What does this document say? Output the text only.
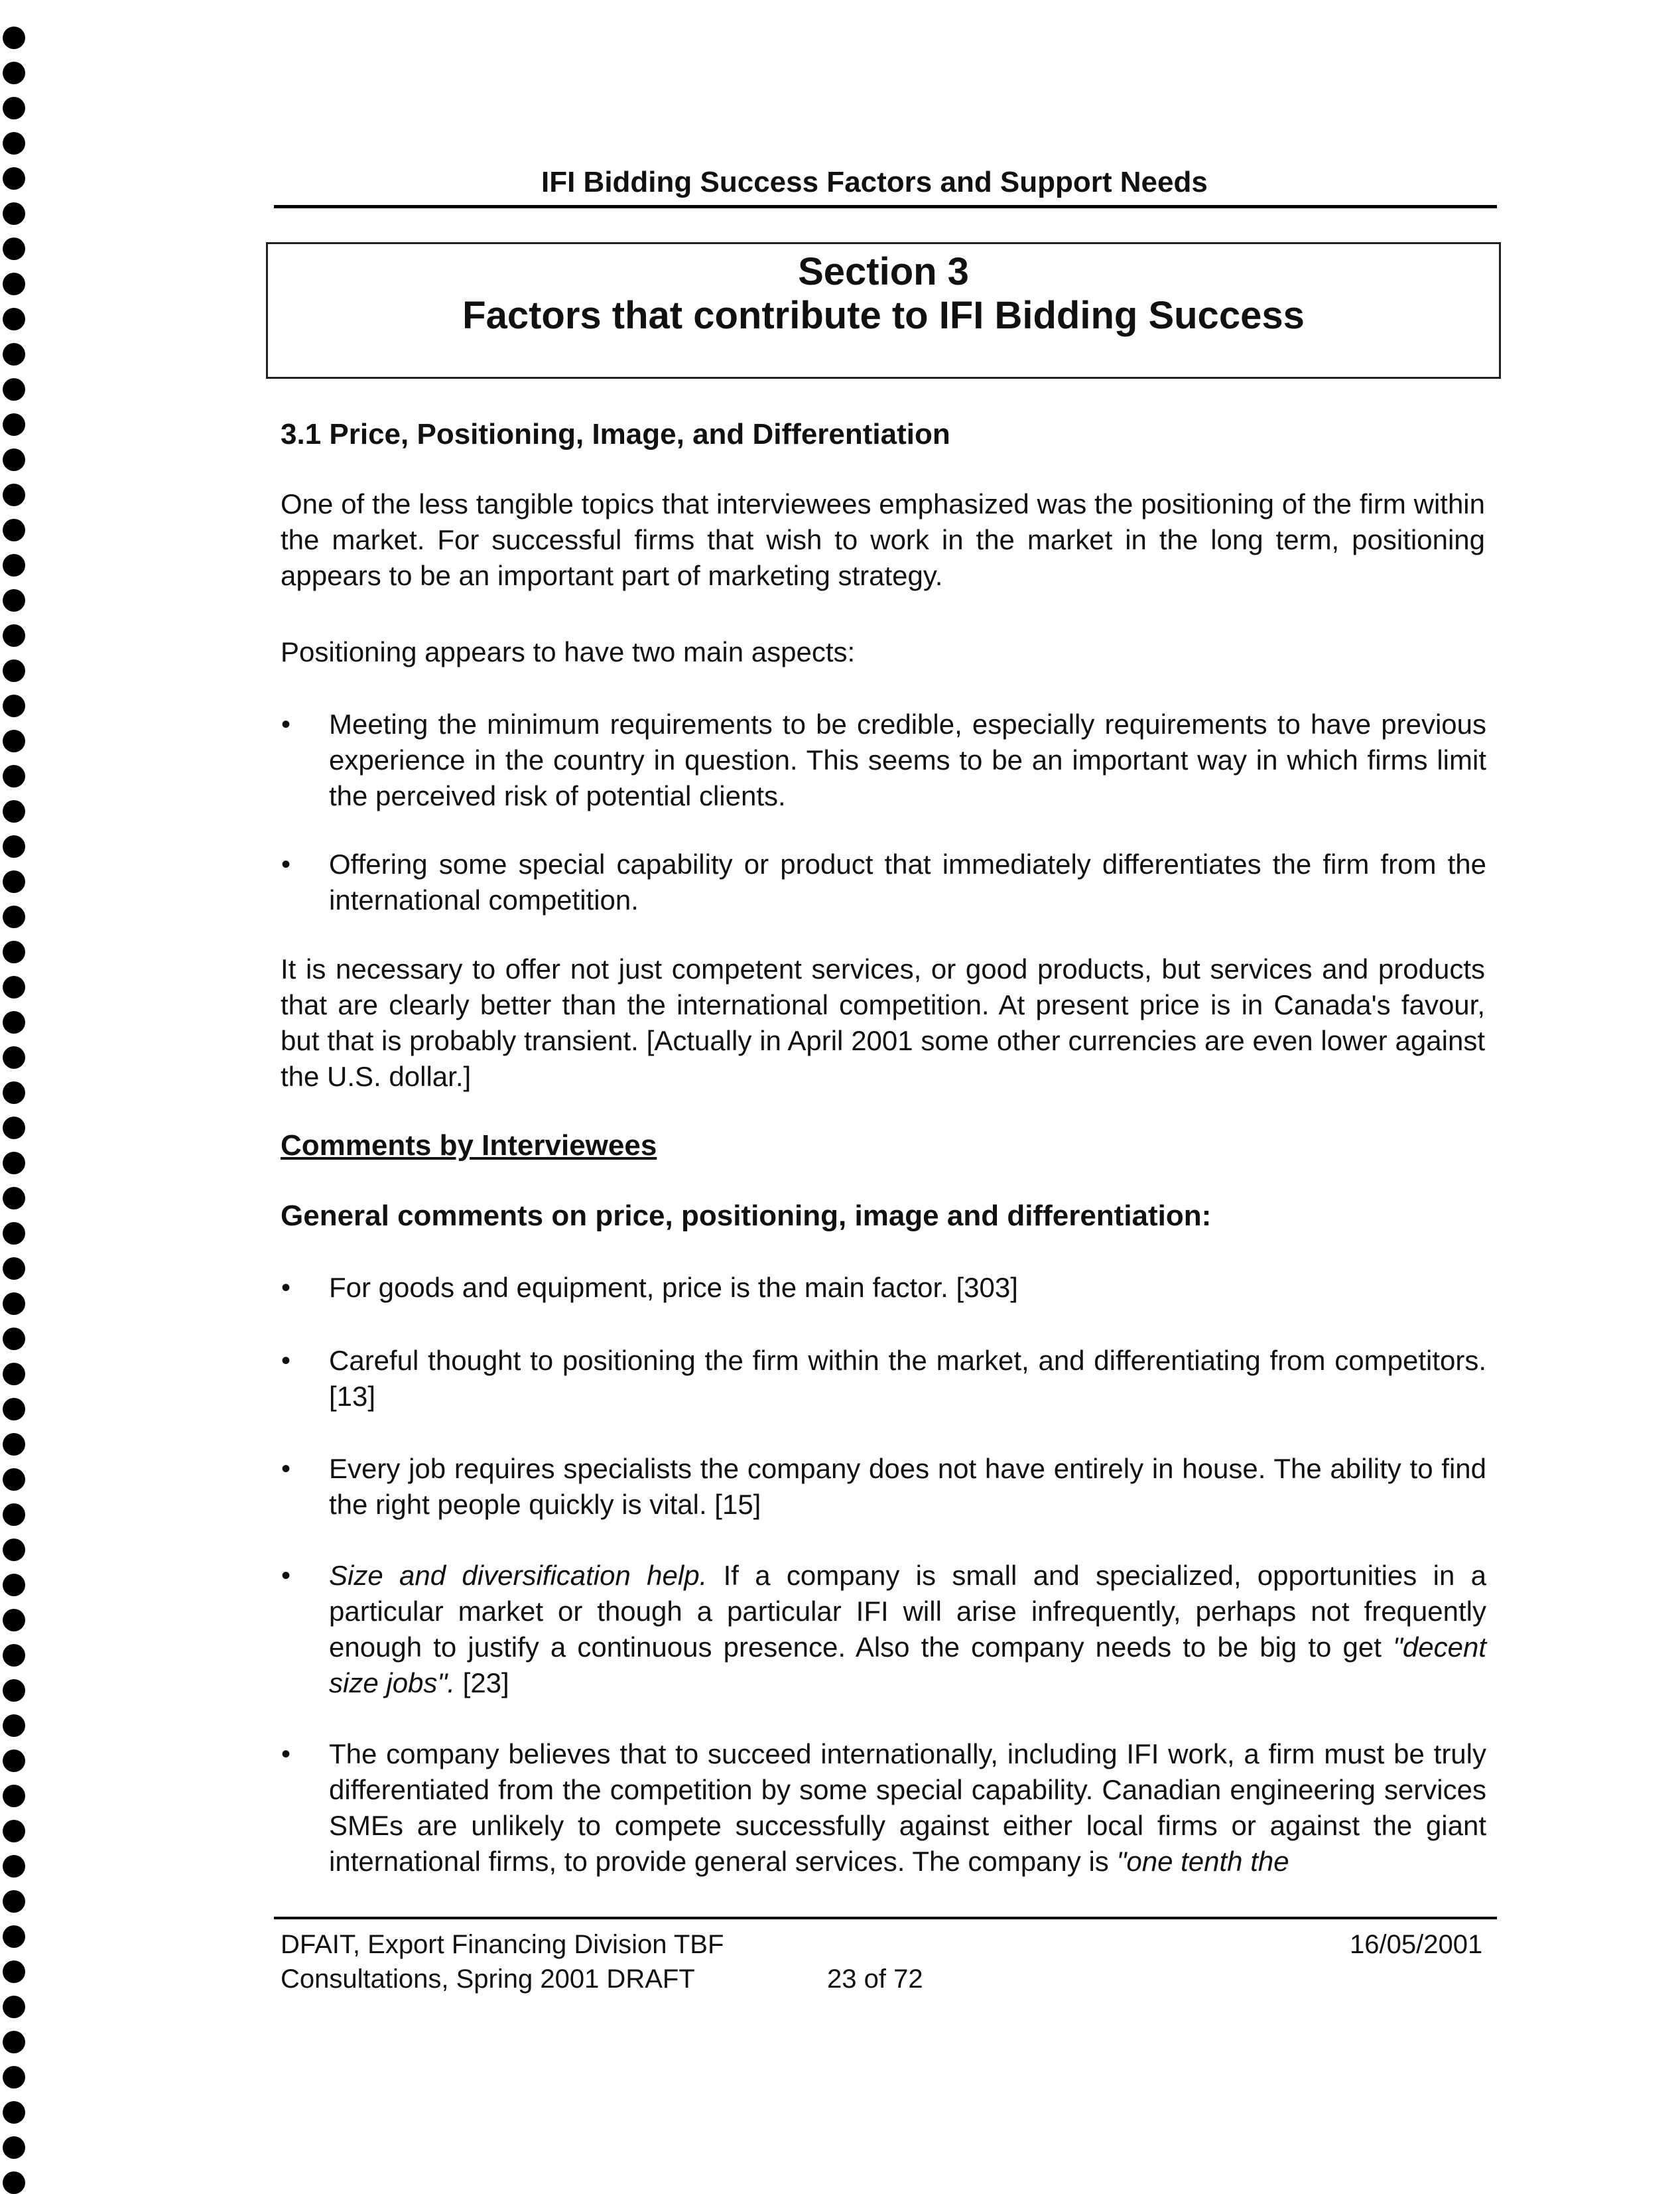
IFI Bidding Success Factors and Support Needs
Section 3
Factors that contribute to IFI Bidding Success
3.1 Price, Positioning, Image, and Differentiation

One of the less tangible topics that interviewees emphasized was the positioning of the firm within the market. For successful firms that wish to work in the market in the long term, positioning appears to be an important part of marketing strategy.

Positioning appears to have two main aspects:

• Meeting the minimum requirements to be credible, especially requirements to have previous experience in the country in question. This seems to be an important way in which firms limit the perceived risk of potential clients.

• Offering some special capability or product that immediately differentiates the firm from the international competition.

It is necessary to offer not just competent services, or good products, but services and products that are clearly better than the international competition. At present price is in Canada's favour, but that is probably transient. [Actually in April 2001 some other currencies are even lower against the U.S. dollar.]

Comments by Interviewees
General comments on price, positioning, image and differentiation:
• For goods and equipment, price is the main factor. [303]

• Careful thought to positioning the firm within the market, and differentiating from competitors. [13]

• Every job requires specialists the company does not have entirely in house. The ability to find the right people quickly is vital. [15]

• Size and diversification help. If a company is small and specialized, opportunities in a particular market or though a particular IFI will arise infrequently, perhaps not frequently enough to justify a continuous presence. Also the company needs to be big to get "decent size jobs". [23]

• The company believes that to succeed internationally, including IFI work, a firm must be truly differentiated from the competition by some special capability. Canadian engineering services SMEs are unlikely to compete successfully against either local firms or against the giant international firms, to provide general services. The company is "one tenth the

DFAIT, Export Financing Division TBF
Consultations, Spring 2001 DRAFT	23 of 72
16/05/2001
